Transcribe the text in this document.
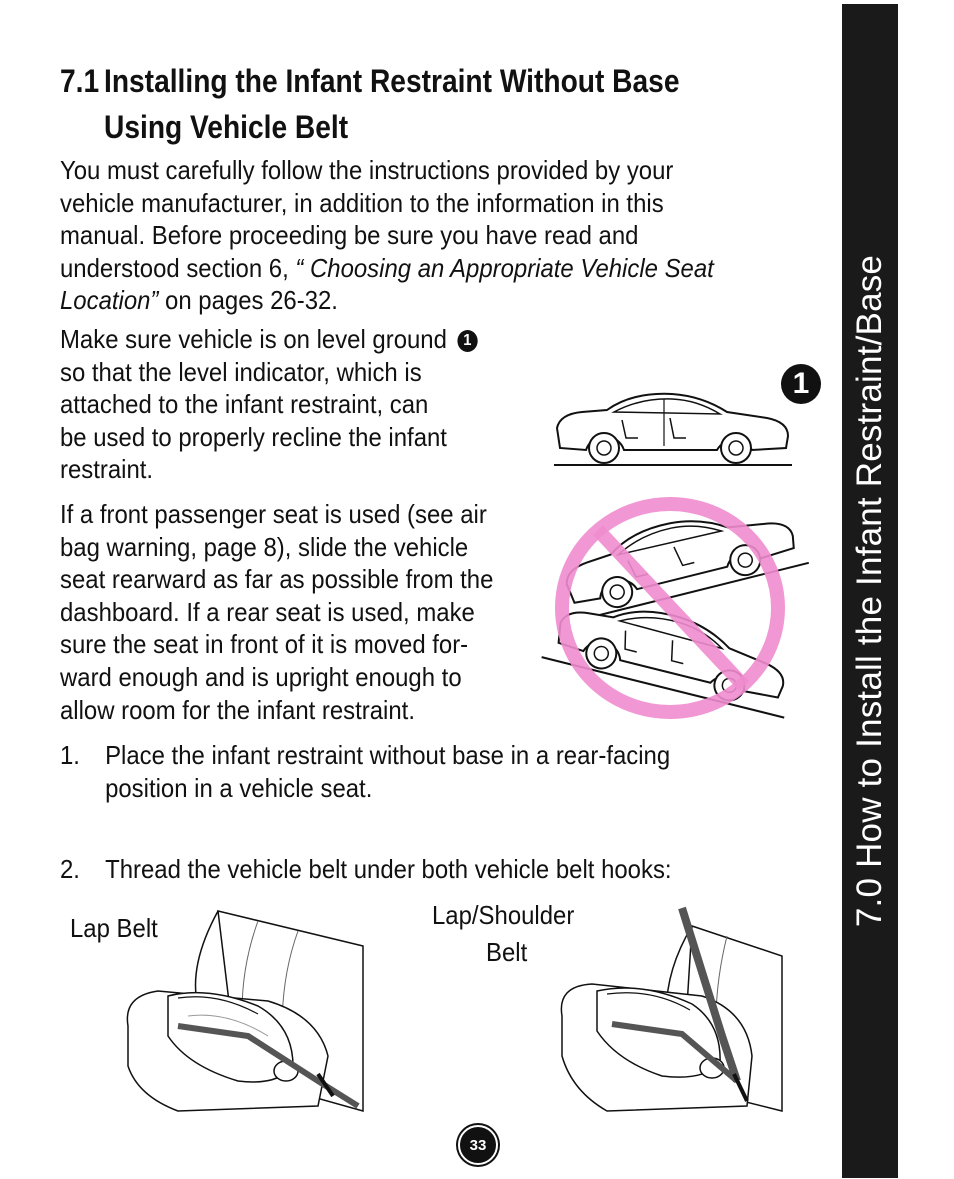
7.0 How to Install the Infant Restraint/Base
7.1 Installing the Infant Restraint Without Base
Using Vehicle Belt
You must carefully follow the instructions provided by your
vehicle manufacturer, in addition to the information in this
manual. Before proceeding be sure you have read and
understood section 6, “ Choosing an Appropriate Vehicle Seat
Location” on pages 26-32.
Make sure vehicle is on level ground 1
so that the level indicator, which is
attached to the infant restraint, can
be used to properly recline the infant
restraint.
If a front passenger seat is used (see air
bag warning, page 8), slide the vehicle
seat rearward as far as possible from the
dashboard. If a rear seat is used, make
sure the seat in front of it is moved for-
ward enough and is upright enough to
allow room for the infant restraint.
1
1. Place the infant restraint without base in a rear-facing
position in a vehicle seat.
2. Thread the vehicle belt under both vehicle belt hooks:
Lap Belt	Lap/Shoulder
Belt
33
